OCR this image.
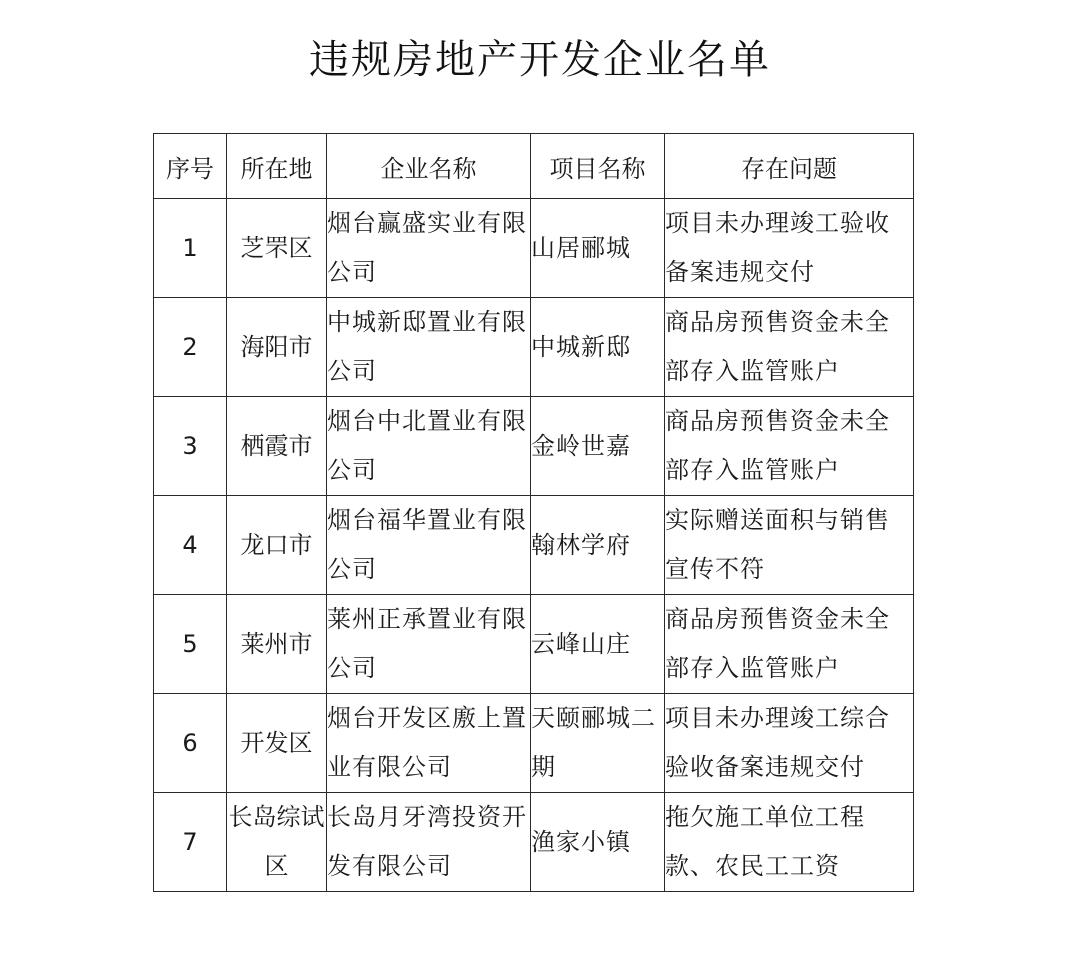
违规房地产开发企业名单
序号	所在地	企业名称	项目名称	存在问题
1	芝罘区	烟台赢盛实业有限公司	山居郦城	项目未办理竣工验收备案违规交付
2	海阳市	中城新邸置业有限公司	中城新邸	商品房预售资金未全部存入监管账户
3	栖霞市	烟台中北置业有限公司	金岭世嘉	商品房预售资金未全部存入监管账户
4	龙口市	烟台福华置业有限公司	翰林学府	实际赠送面积与销售宣传不符
5	莱州市	莱州正承置业有限公司	云峰山庄	商品房预售资金未全部存入监管账户
6	开发区	烟台开发区廒上置业有限公司	天颐郦城二期	项目未办理竣工综合验收备案违规交付
7	长岛综试区	长岛月牙湾投资开发有限公司	渔家小镇	拖欠施工单位工程款、农民工工资
